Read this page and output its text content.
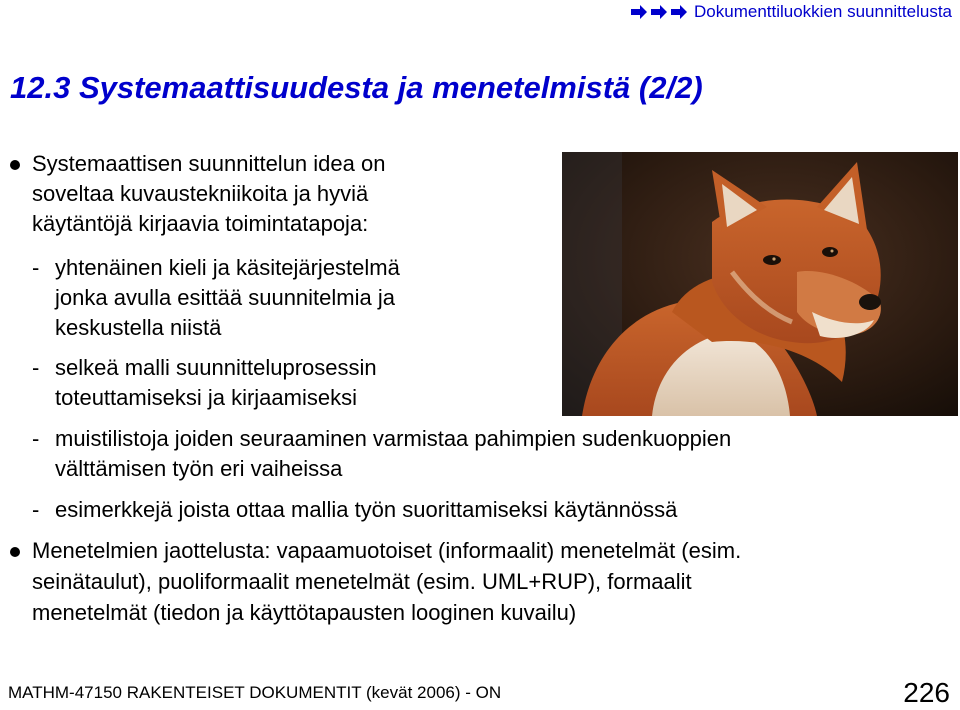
Dokumenttiluokkien suunnittelusta
12.3 Systemaattisuudesta ja menetelmistä (2/2)
Systemaattisen suunnittelun idea on
soveltaa kuvaustekniikoita ja hyviä
käytäntöjä kirjaavia toimintatapoja:
- yhtenäinen kieli ja käsitejärjestelmä
jonka avulla esittää suunnitelmia ja
keskustella niistä
- selkeä malli suunnitteluprosessin
toteuttamiseksi ja kirjaamiseksi
- muistilistoja joiden seuraaminen varmistaa pahimpien sudenkuoppien
välttämisen työn eri vaiheissa
- esimerkkejä joista ottaa mallia työn suorittamiseksi käytännössä
Menetelmien jaottelusta: vapaamuotoiset (informaalit) menetelmät (esim.
seinätaulut), puoliformaalit menetelmät (esim. UML+RUP), formaalit
menetelmät (tiedon ja käyttötapausten looginen kuvailu)
MATHM-47150 RAKENTEISET DOKUMENTIT (kevät 2006) - ON	226
